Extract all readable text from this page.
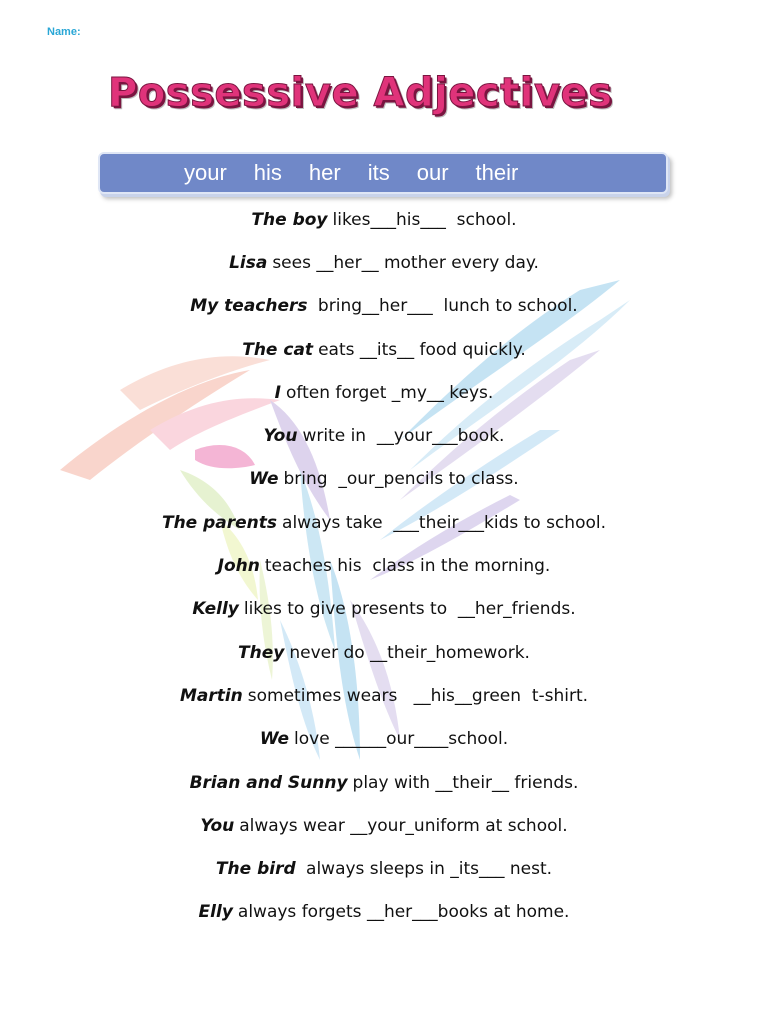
Name:
Possessive Adjectives
your his her its our their
The boy likes___his___  school.
Lisa sees __her__ mother every day.
My teachers bring__her___  lunch to school.
The cat eats __its__ food quickly.
I often forget _my__ keys.
You write in  __your___book.
We bring  _our_pencils to class.
The parents always take  ___their___kids to school.
John teaches his  class in the morning.
Kelly likes to give presents to  __her_friends.
They never do __their_homework.
Martin sometimes wears   __his__green  t-shirt.
We love ______our____school.
Brian and Sunny play with __their__ friends.
You always wear __your_uniform at school.
The bird always sleeps in _its___ nest.
Elly always forgets __her___books at home.
